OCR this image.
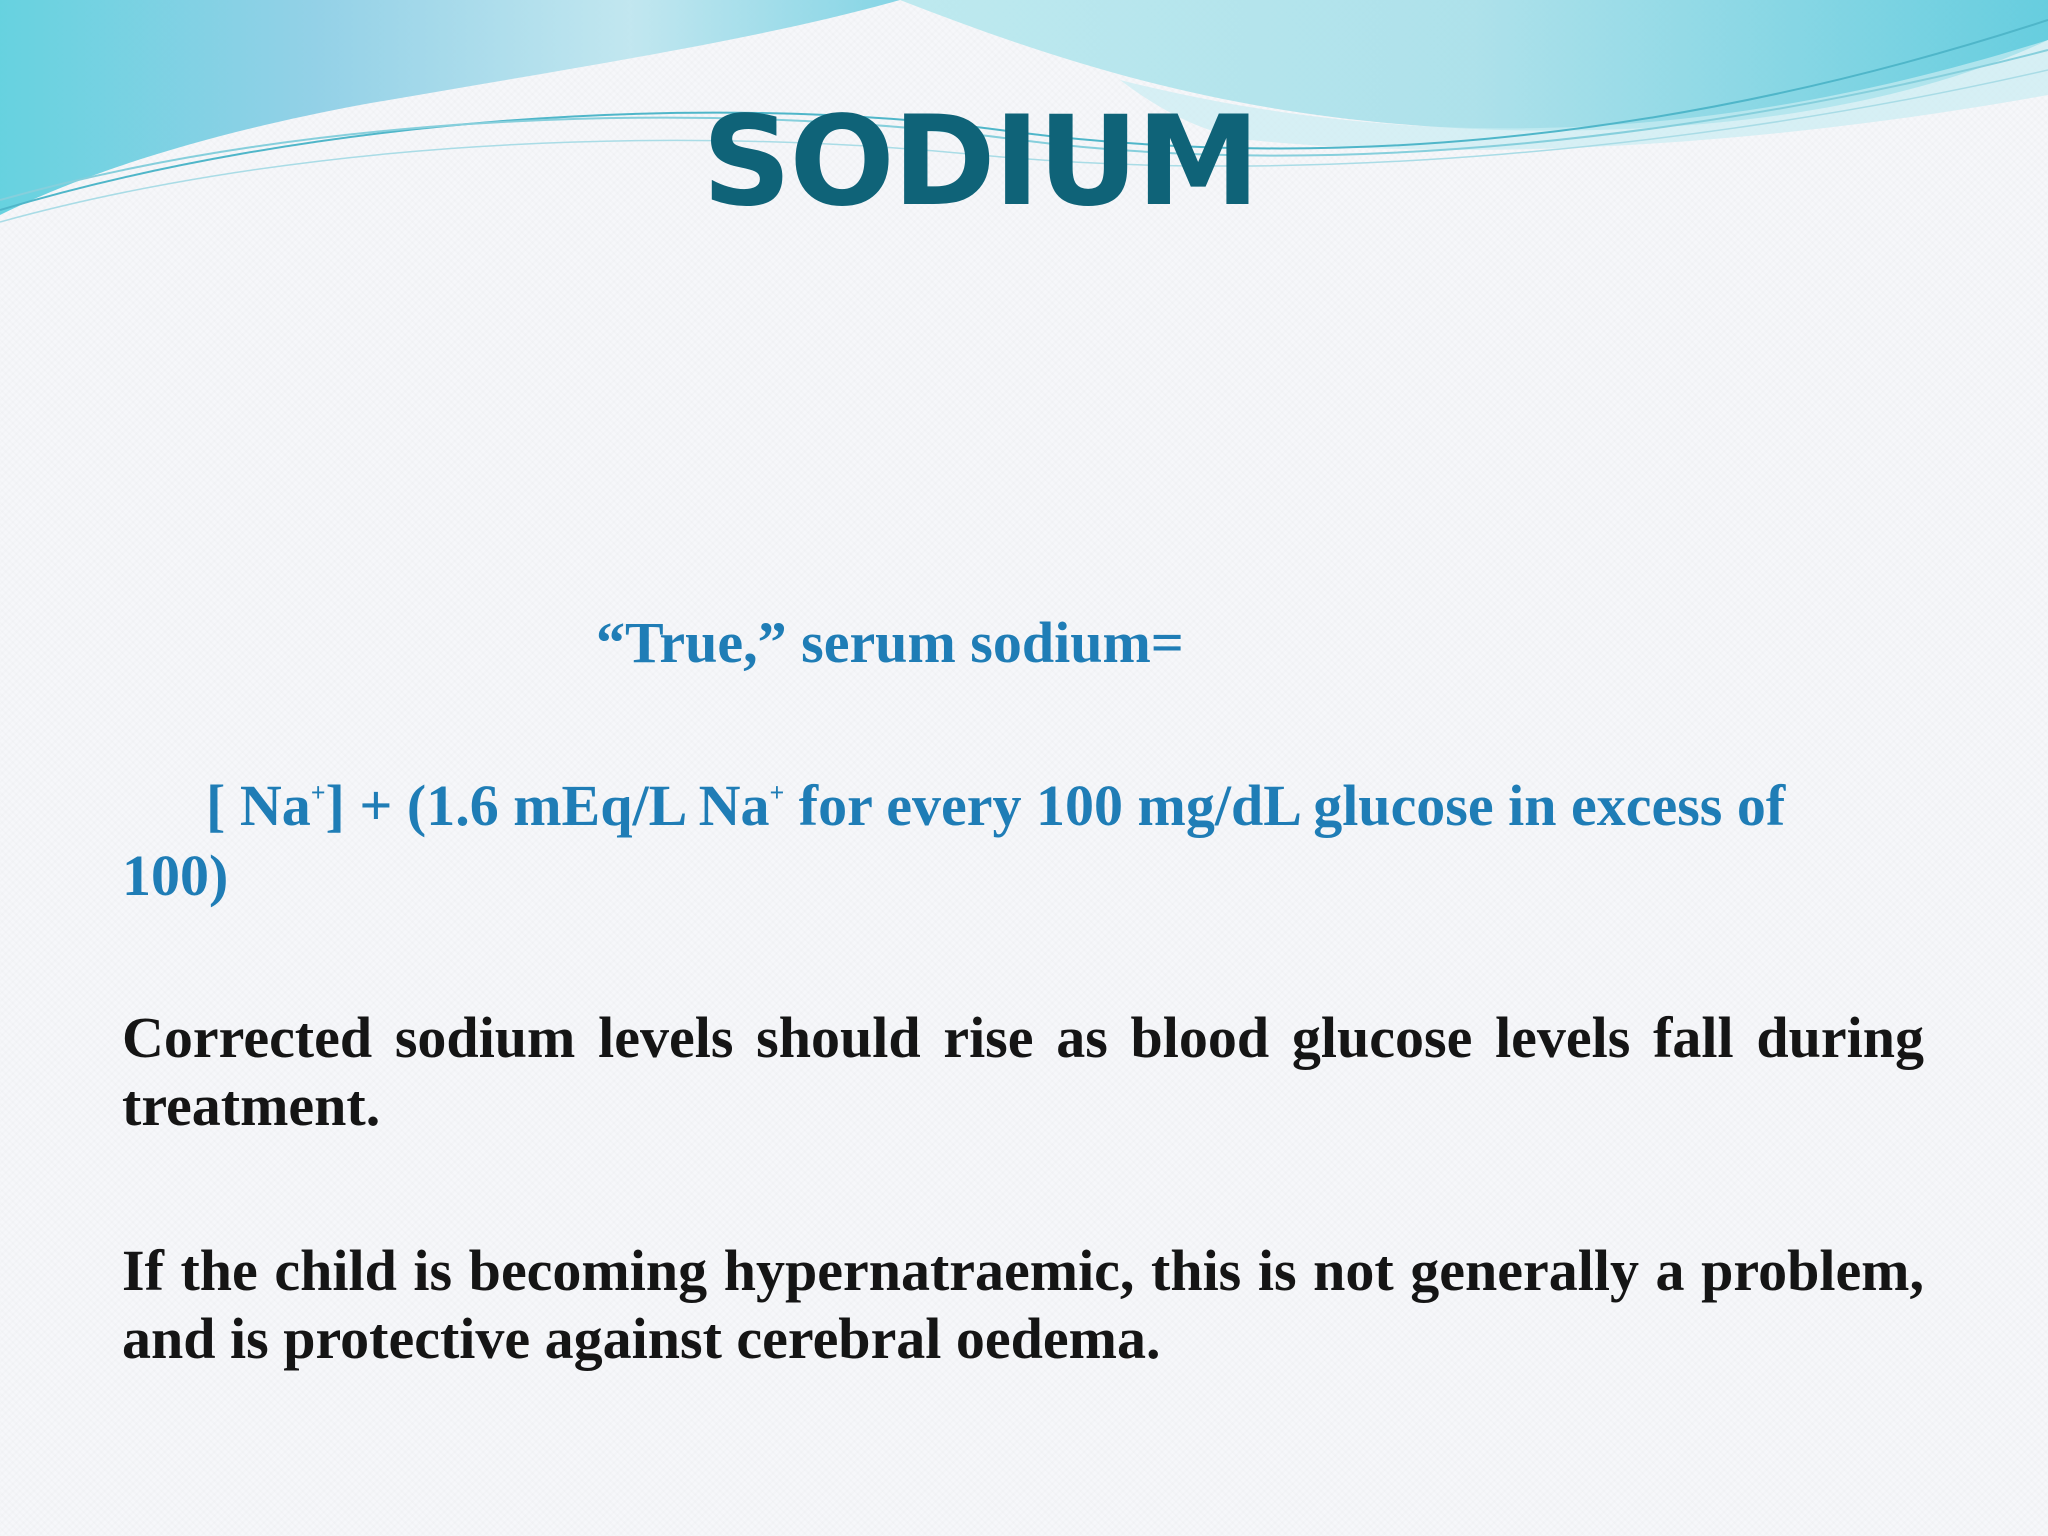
SODIUM
“True,” serum sodium=
[ Na+] + (1.6 mEq/L Na+ for every 100 mg/dL glucose in excess of 100)
Corrected sodium levels should rise as blood glucose levels fall during treatment.
If the child is becoming hypernatraemic, this is not generally a problem, and is protective against cerebral oedema.
